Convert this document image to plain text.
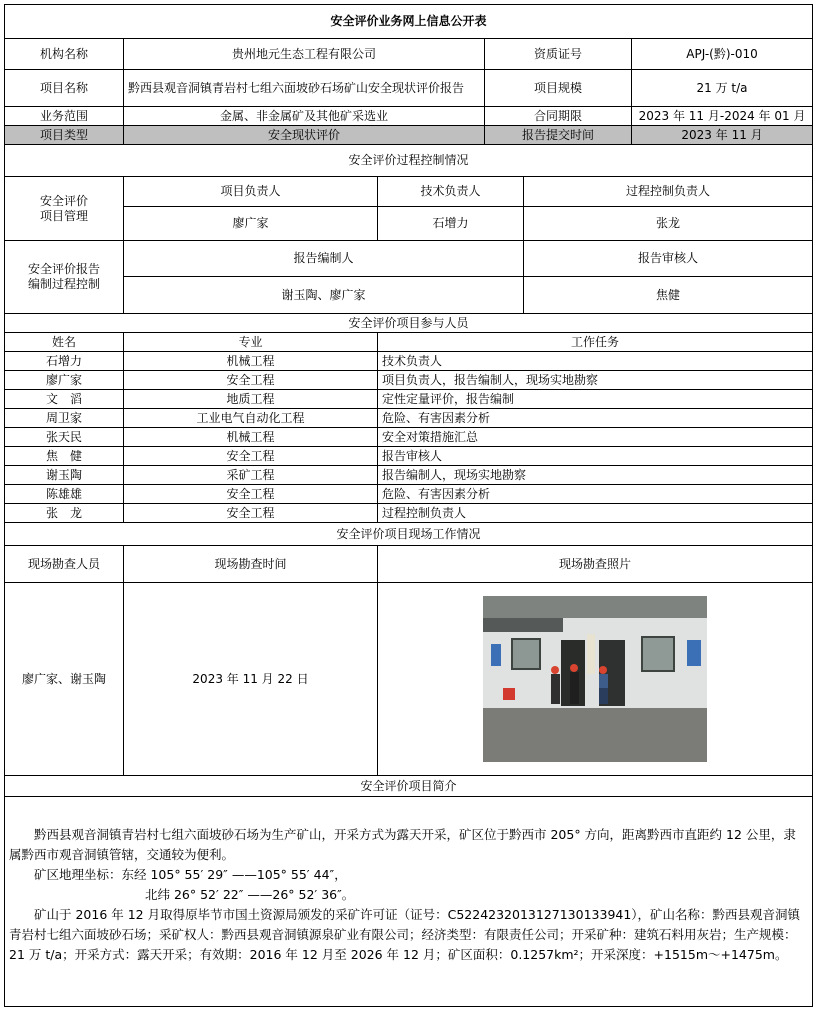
安全评价业务网上信息公开表					
机构名称	贵州地元生态工程有限公司		资质证号		APJ-(黔)-010
项目名称	黔西县观音洞镇青岩村七组六面坡砂石场矿山安全现状评价报告		项目规模		21 万 t/a
业务范围	金属、非金属矿及其他矿采选业		合同期限		2023 年 11 月-2024 年 01 月
项目类型	安全现状评价		报告提交时间		2023 年 11 月
安全评价过程控制情况					

安全评价
项目管理	项目负责人	技术负责人		过程控制负责人	
	廖广家	石增力		张龙	

安全评价报告
编制过程控制	报告编制人			报告审核人	
	谢玉陶、廖广家			焦健	
安全评价项目参与人员					
姓名	专业	工作任务			
石增力	机械工程	技术负责人			
廖广家	安全工程	项目负责人，报告编制人，现场实地勘察			
文　滔	地质工程	定性定量评价，报告编制			
周卫家	工业电气自动化工程	危险、有害因素分析			
张天民	机械工程	安全对策措施汇总			
焦　健	安全工程	报告审核人			
谢玉陶	采矿工程	报告编制人，现场实地勘察			
陈雄雄	安全工程	危险、有害因素分析			
张　龙	安全工程	过程控制负责人			
安全评价项目现场工作情况					
现场勘查人员	现场勘查时间	现场勘查照片			
廖广家、谢玉陶	2023 年 11 月 22 日	

安全评价项目简介					

黔西县观音洞镇青岩村七组六面坡砂石场为生产矿山，开采方式为露天开采，矿区位于黔西市 205° 方向，距离黔西市直距约 12 公里，隶属黔西市观音洞镇管辖，交通较为便利。

矿区地理坐标：东经 105° 55′ 29″ ——105° 55′ 44″，

北纬 26° 52′ 22″ ——26° 52′ 36″。

矿山于 2016 年 12 月取得原毕节市国土资源局颁发的采矿许可证（证号：C5224232013127130133941），矿山名称：黔西县观音洞镇青岩村七组六面坡砂石场；采矿权人：黔西县观音洞镇源泉矿业有限公司；经济类型：有限责任公司；开采矿种：建筑石料用灰岩；生产规模：21 万 t/a；开采方式：露天开采；有效期：2016 年 12 月至 2026 年 12 月；矿区面积：0.1257km²；开采深度：+1515m～+1475m。					
